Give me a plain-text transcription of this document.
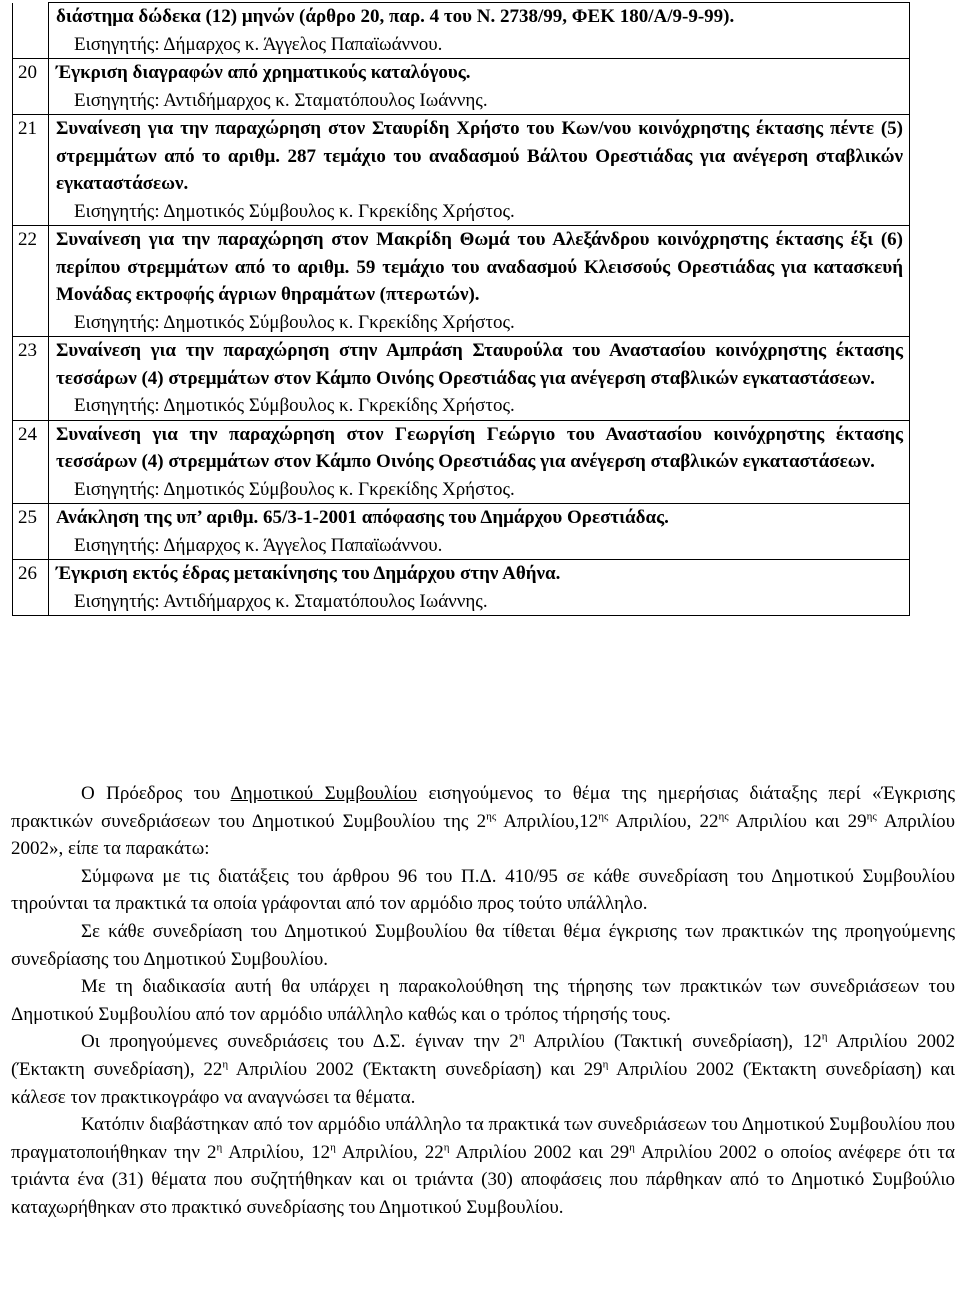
	διάστημα δώδεκα (12) μηνών (άρθρο 20, παρ. 4 του Ν. 2738/99, ΦΕΚ 180/Α/9-9-99).
Εισηγητής: Δήμαρχος κ. Άγγελος Παπαϊωάννου.

20	Έγκριση διαγραφών από χρηματικούς καταλόγους.
Εισηγητής: Αντιδήμαρχος κ. Σταματόπουλος Ιωάννης.

21	Συναίνεση για την παραχώρηση στον Σταυρίδη Χρήστο του Κων/νου κοινόχρηστης έκτασης πέντε (5) στρεμμάτων από το αριθμ. 287 τεμάχιο του αναδασμού Βάλτου Ορεστιάδας για ανέγερση σταβλικών εγκαταστάσεων.
Εισηγητής: Δημοτικός Σύμβουλος κ. Γκρεκίδης Χρήστος.

22	Συναίνεση για την παραχώρηση στον Μακρίδη Θωμά του Αλεξάνδρου κοινόχρηστης έκτασης έξι (6) περίπου στρεμμάτων από το αριθμ. 59 τεμάχιο του αναδασμού Κλεισσούς Ορεστιάδας για κατασκευή Μονάδας εκτροφής άγριων θηραμάτων (πτερωτών).
Εισηγητής: Δημοτικός Σύμβουλος κ. Γκρεκίδης Χρήστος.

23	Συναίνεση για την παραχώρηση στην Αμπράση Σταυρούλα του Αναστασίου κοινόχρηστης έκτασης τεσσάρων (4) στρεμμάτων στον Κάμπο Οινόης Ορεστιάδας για ανέγερση σταβλικών εγκαταστάσεων.
Εισηγητής: Δημοτικός Σύμβουλος κ. Γκρεκίδης Χρήστος.

24	Συναίνεση για την παραχώρηση στον Γεωργίση Γεώργιο του Αναστασίου κοινόχρηστης έκτασης τεσσάρων (4) στρεμμάτων στον Κάμπο Οινόης Ορεστιάδας για ανέγερση σταβλικών εγκαταστάσεων.
Εισηγητής: Δημοτικός Σύμβουλος κ. Γκρεκίδης Χρήστος.

25	Ανάκληση της υπ’ αριθμ. 65/3-1-2001 απόφασης του Δημάρχου Ορεστιάδας.
Εισηγητής: Δήμαρχος κ. Άγγελος Παπαϊωάννου.

26	Έγκριση εκτός έδρας μετακίνησης του Δημάρχου στην Αθήνα.
Εισηγητής: Αντιδήμαρχος κ. Σταματόπουλος Ιωάννης.

Ο Πρόεδρος του Δημοτικού Συμβουλίου εισηγούμενος το θέμα της ημερήσιας διάταξης περί «Έγκρισης πρακτικών συνεδριάσεων του Δημοτικού Συμβουλίου της $2^{\eta\varsigma}$ $A\pi\rho\iota\lambda ίo\upsilon,12^{\eta\varsigma}$ Απριλίου, $22^{\eta\varsigma}$ Απριλίου και $29^{\eta\varsigma}$ Απριλίου 2002», είπε τα παρακάτω:

Σύμφωνα με τις διατάξεις του άρθρου 96 του Π.Δ. 410/95 σε κάθε συνεδρίαση του Δημοτικού Συμβουλίου τηρούνται τα πρακτικά τα οποία γράφονται από τον αρμόδιο προς τούτο υπάλληλο.

Σε κάθε συνεδρίαση του Δημοτικού Συμβουλίου θα τίθεται θέμα έγκρισης των πρακτικών της προηγούμενης συνεδρίασης του Δημοτικού Συμβουλίου.

Με τη διαδικασία αυτή θα υπάρχει η παρακολούθηση της τήρησης των πρακτικών των συνεδριάσεων του Δημοτικού Συμβουλίου από τον αρμόδιο υπάλληλο καθώς και ο τρόπος τήρησής τους.

Οι προηγούμενες συνεδριάσεις του Δ.Σ. έγιναν την $2^\eta$ Απριλίου (Τακτική συνεδρίαση), $12^\eta$ Απριλίου 2002 (Έκτακτη συνεδρίαση), $22^\eta$ Απριλίου 2002 (Έκτακτη συνεδρίαση) και $29^\eta$ Απριλίου 2002 (Έκτακτη συνεδρίαση) και κάλεσε τον πρακτικογράφο να αναγνώσει τα θέματα.

Κατόπιν διαβάστηκαν από τον αρμόδιο υπάλληλο τα πρακτικά των συνεδριάσεων του Δημοτικού Συμβουλίου που πραγματοποιήθηκαν την $2^\eta$ Απριλίου, $12^\eta$ Απριλίου, $22^\eta$ Απριλίου 2002 και $29^\eta$ Απριλίου 2002 ο οποίος ανέφερε ότι τα τριάντα ένα (31) θέματα που συζητήθηκαν και οι τριάντα (30) αποφάσεις που πάρθηκαν από το Δημοτικό Συμβούλιο καταχωρήθηκαν στο πρακτικό συνεδρίασης του Δημοτικού Συμβουλίου.
